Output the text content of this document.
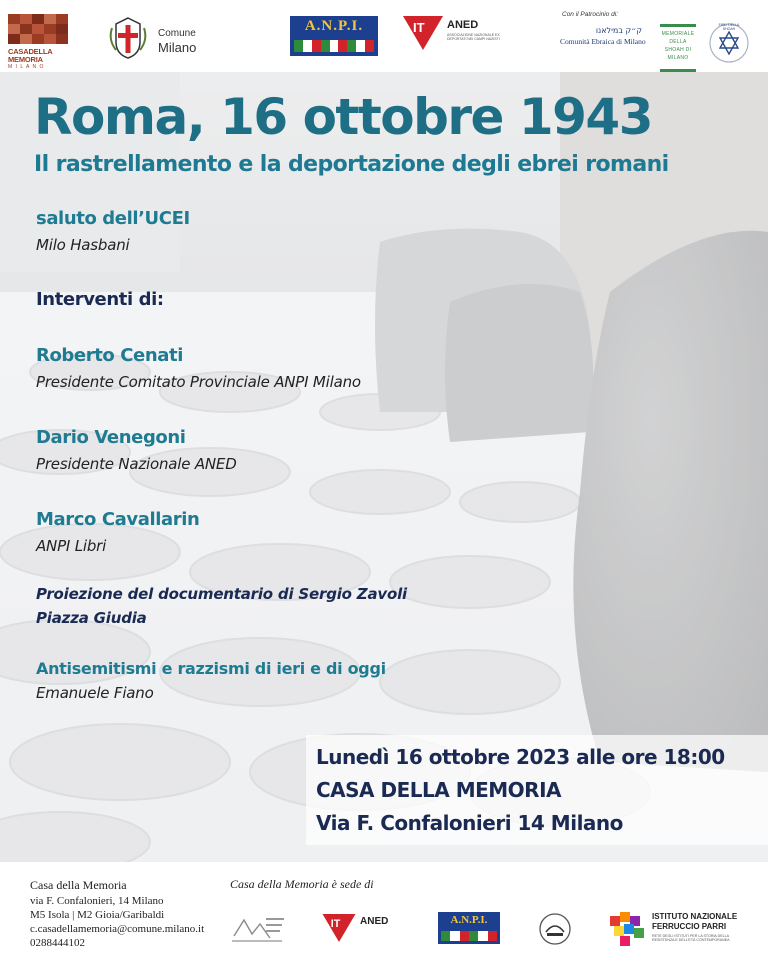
CASADELLA MEMORIA
M I L A N O
Comune
Milano
A.N.P.I.	IT ANED
ASSOCIAZIONE NAZIONALE EX DEPORTATI NEI CAMPI NAZISTI
Con il Patrocinio di:
ק״ק במילאנו
Comunità Ebraica di Milano
MEMORIALE DELLA SHOAH DI MILANO
FIGLI DELLA SHOAH
Roma, 16 ottobre 1943
Il rastrellamento e la deportazione degli ebrei romani
saluto dell’UCEI
Milo Hasbani
Interventi di:
Roberto Cenati
Presidente Comitato Provinciale ANPI Milano
Dario Venegoni
Presidente Nazionale ANED
Marco Cavallarin
ANPI Libri
Proiezione del documentario di Sergio Zavoli
Piazza Giudia
Antisemitismi e razzismi di ieri e di oggi
Emanuele Fiano
Lunedì 16 ottobre 2023 alle ore 18:00
CASA DELLA MEMORIA
Via F. Confalonieri 14 Milano
Casa della Memoria
via F. Confalonieri, 14 Milano
M5 Isola | M2 Gioia/Garibaldi
c.casadellamemoria@comune.milano.it
0288444102
Casa della Memoria è sede di
IT ANED	A.N.P.I.	ISTITUTO NAZIONALE
FERRUCCIO PARRI
RETE DEGLI ISTITUTI PER LA STORIA DELLA RESISTENZA E DELL'ETÀ CONTEMPORANEA
